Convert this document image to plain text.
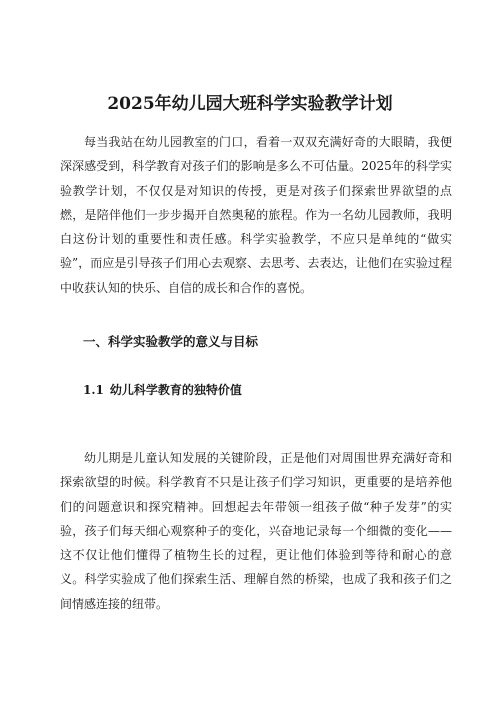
2025年幼儿园大班科学实验教学计划

每当我站在幼儿园教室的门口，看着一双双充满好奇的大眼睛，我便深深感受到，科学教育对孩子们的影响是多么不可估量。2025年的科学实验教学计划，不仅仅是对知识的传授，更是对孩子们探索世界欲望的点燃，是陪伴他们一步步揭开自然奥秘的旅程。作为一名幼儿园教师，我明白这份计划的重要性和责任感。科学实验教学，不应只是单纯的“做实验”，而应是引导孩子们用心去观察、去思考、去表达，让他们在实验过程中收获认知的快乐、自信的成长和合作的喜悦。

一、科学实验教学的意义与目标
1.1 幼儿科学教育的独特价值

幼儿期是儿童认知发展的关键阶段，正是他们对周围世界充满好奇和探索欲望的时候。科学教育不只是让孩子们学习知识，更重要的是培养他们的问题意识和探究精神。回想起去年带领一组孩子做“种子发芽”的实验，孩子们每天细心观察种子的变化，兴奋地记录每一个细微的变化——这不仅让他们懂得了植物生长的过程，更让他们体验到等待和耐心的意义。科学实验成了他们探索生活、理解自然的桥梁，也成了我和孩子们之间情感连接的纽带。
